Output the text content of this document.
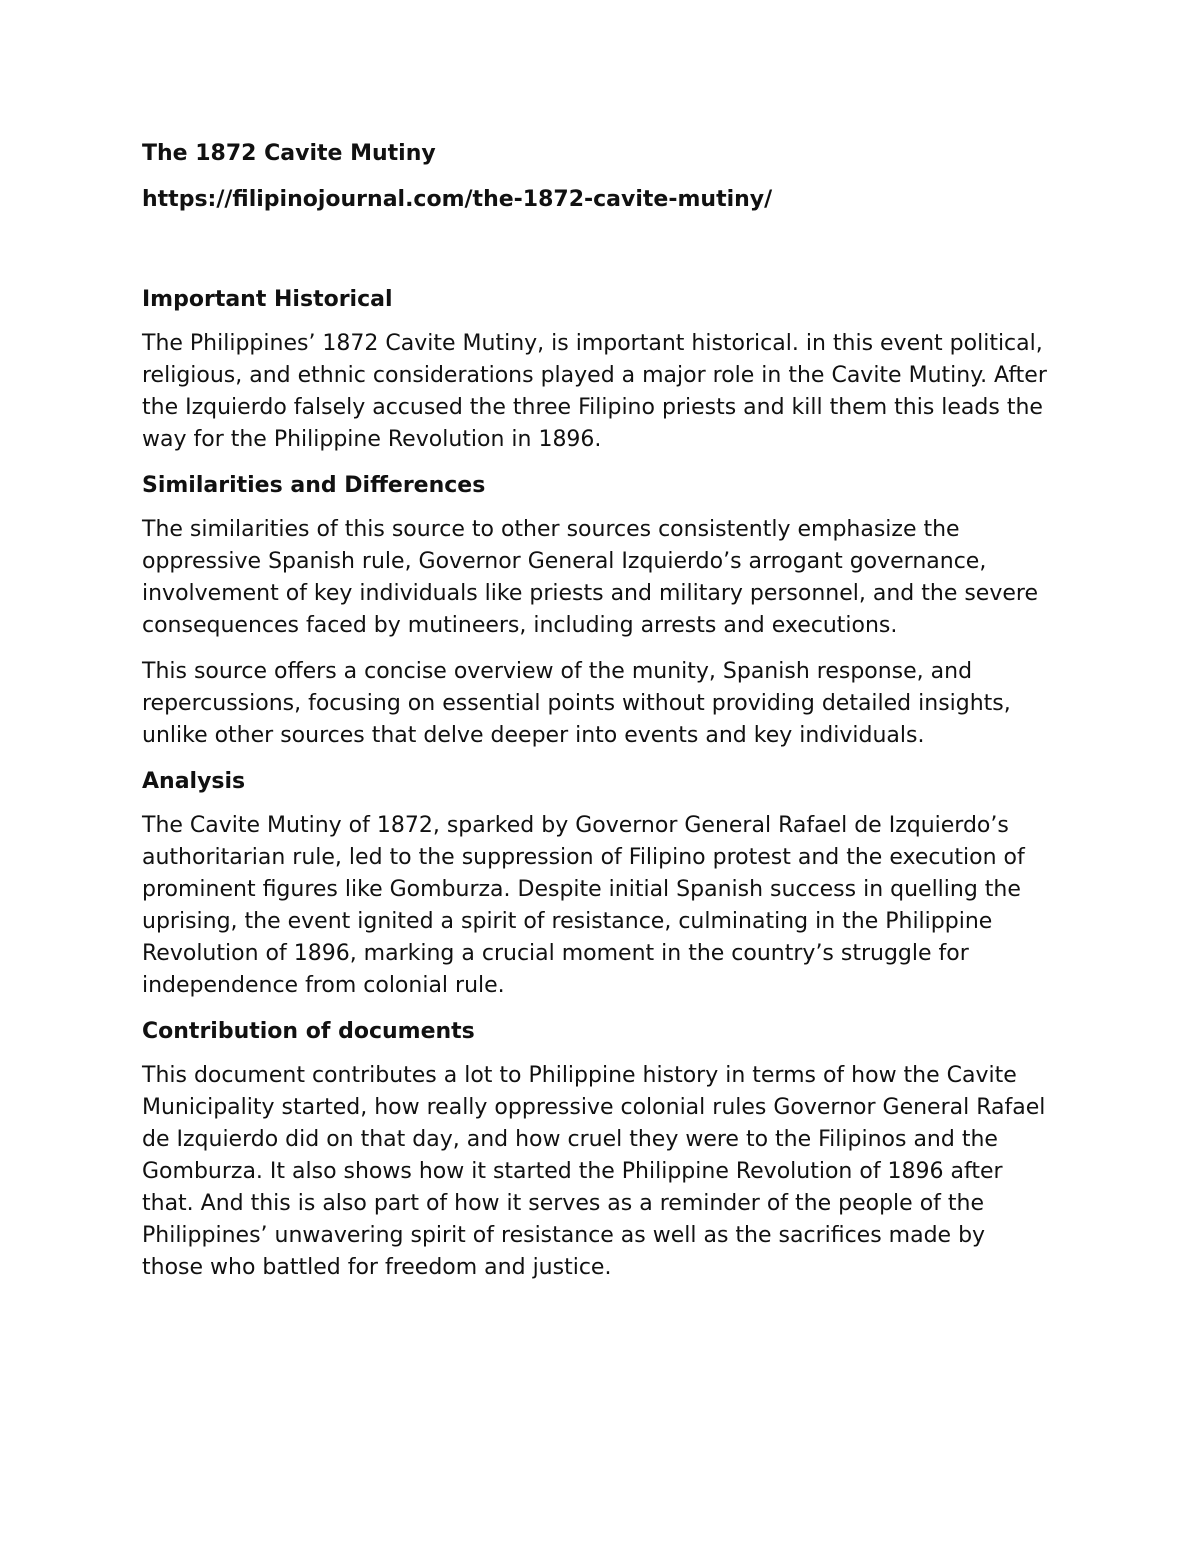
The 1872 Cavite Mutiny
https://filipinojournal.com/the-1872-cavite-mutiny/
Important Historical
The Philippines’ 1872 Cavite Mutiny, is important historical. in this event political, religious, and ethnic considerations played a major role in the Cavite Mutiny. After the Izquierdo falsely accused the three Filipino priests and kill them this leads the way for the Philippine Revolution in 1896.
Similarities and Differences
The similarities of this source to other sources consistently emphasize the oppressive Spanish rule, Governor General Izquierdo’s arrogant governance, involvement of key individuals like priests and military personnel, and the severe consequences faced by mutineers, including arrests and executions.
This source offers a concise overview of the munity, Spanish response, and repercussions, focusing on essential points without providing detailed insights, unlike other sources that delve deeper into events and key individuals.
Analysis
The Cavite Mutiny of 1872, sparked by Governor General Rafael de Izquierdo’s authoritarian rule, led to the suppression of Filipino protest and the execution of prominent figures like Gomburza. Despite initial Spanish success in quelling the uprising, the event ignited a spirit of resistance, culminating in the Philippine Revolution of 1896, marking a crucial moment in the country’s struggle for independence from colonial rule.
Contribution of documents
This document contributes a lot to Philippine history in terms of how the Cavite Municipality started, how really oppressive colonial rules Governor General Rafael de Izquierdo did on that day, and how cruel they were to the Filipinos and the Gomburza. It also shows how it started the Philippine Revolution of 1896 after that. And this is also part of how it serves as a reminder of the people of the Philippines’ unwavering spirit of resistance as well as the sacrifices made by those who battled for freedom and justice.
